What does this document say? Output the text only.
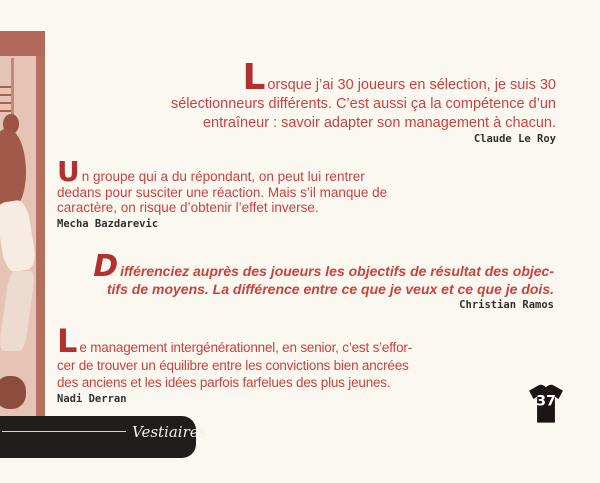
Lorsque j’ai 30 joueurs en sélection, je suis 30
sélectionneurs différents. C’est aussi ça la compétence d’un
entraîneur : savoir adapter son management à chacun.
Claude Le Roy
Un groupe qui a du répondant, on peut lui rentrer
dedans pour susciter une réaction. Mais s’il manque de
caractère, on risque d’obtenir l’effet inverse.
Mecha Bazdarevic
Différenciez auprès des joueurs les objectifs de résultat des objec-
tifs de moyens. La différence entre ce que je veux et ce que je dois.
Christian Ramos
Le management intergénérationnel, en senior, c’est s’effor-
cer de trouver un équilibre entre les convictions bien ancrées
des anciens et les idées parfois farfelues des plus jeunes.
Nadi Derran	37
Vestiaires
